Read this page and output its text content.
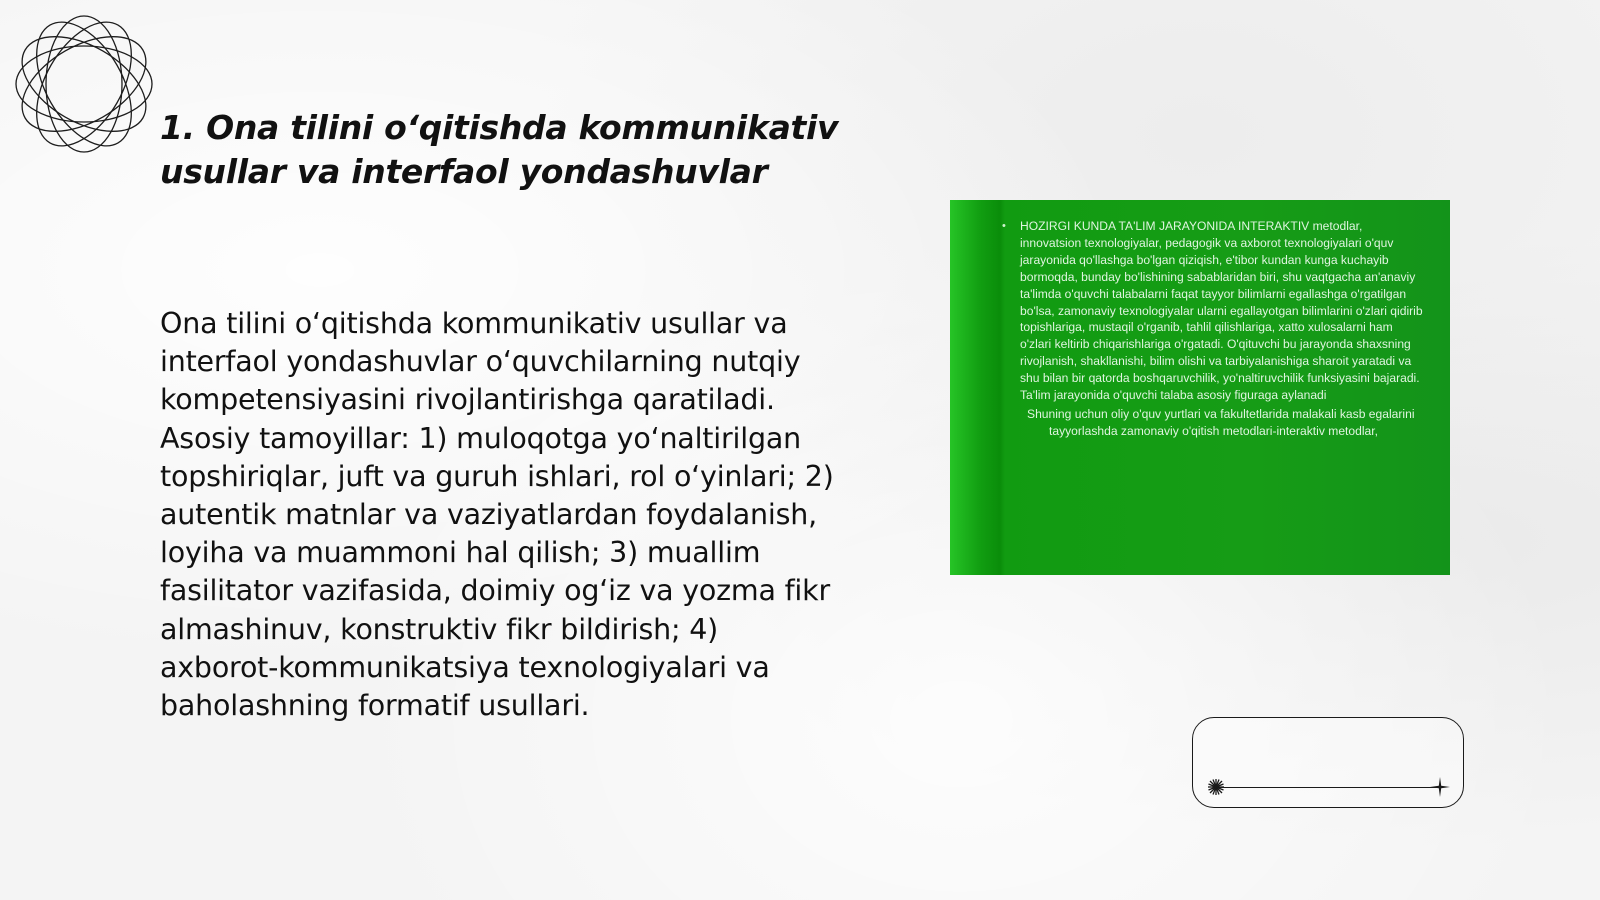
1. Ona tilini o‘qitishda kommunikativ usullar va interfaol yondashuvlar

Ona tilini o‘qitishda kommunikativ usullar va interfaol yondashuvlar o‘quvchilarning nutqiy kompetensiyasini rivojlantirishga qaratiladi. Asosiy tamoyillar: 1) muloqotga yo‘naltirilgan topshiriqlar, juft va guruh ishlari, rol o‘yinlari; 2) autentik matnlar va vaziyatlardan foydalanish, loyiha va muammoni hal qilish; 3) muallim fasilitator vazifasida, doimiy og‘iz va yozma fikr almashinuv, konstruktiv fikr bildirish; 4) axborot-kommunikatsiya texnologiyalari va baholashning formatif usullari.

• HOZIRGI KUNDA TA'LIM JARAYONIDA INTERAKTIV metodlar, innovatsion texnologiyalar, pedagogik va axborot texnologiyalari o'quv jarayonida qo'llashga bo'lgan qiziqish, e'tibor kundan kunga kuchayib bormoqda, bunday bo'lishining sabablaridan biri, shu vaqtgacha an'anaviy ta'limda o'quvchi talabalarni faqat tayyor bilimlarni egallashga o'rgatilgan bo'lsa, zamonaviy texnologiyalar ularni egallayotgan bilimlarini o'zlari qidirib topishlariga, mustaqil o'rganib, tahlil qilishlariga, xatto xulosalarni ham o'zlari keltirib chiqarishlariga o'rgatadi. O'qituvchi bu jarayonda shaxsning rivojlanish, shakllanishi, bilim olishi va tarbiyalanishiga sharoit yaratadi va shu bilan bir qatorda boshqaruvchilik, yo'naltiruvchilik funksiyasini bajaradi. Ta'lim jarayonida o'quvchi talaba asosiy figuraga aylanadi
Shuning uchun oliy o'quv yurtlari va fakultetlarida malakali kasb egalarini tayyorlashda zamonaviy o'qitish metodlari-interaktiv metodlar,
